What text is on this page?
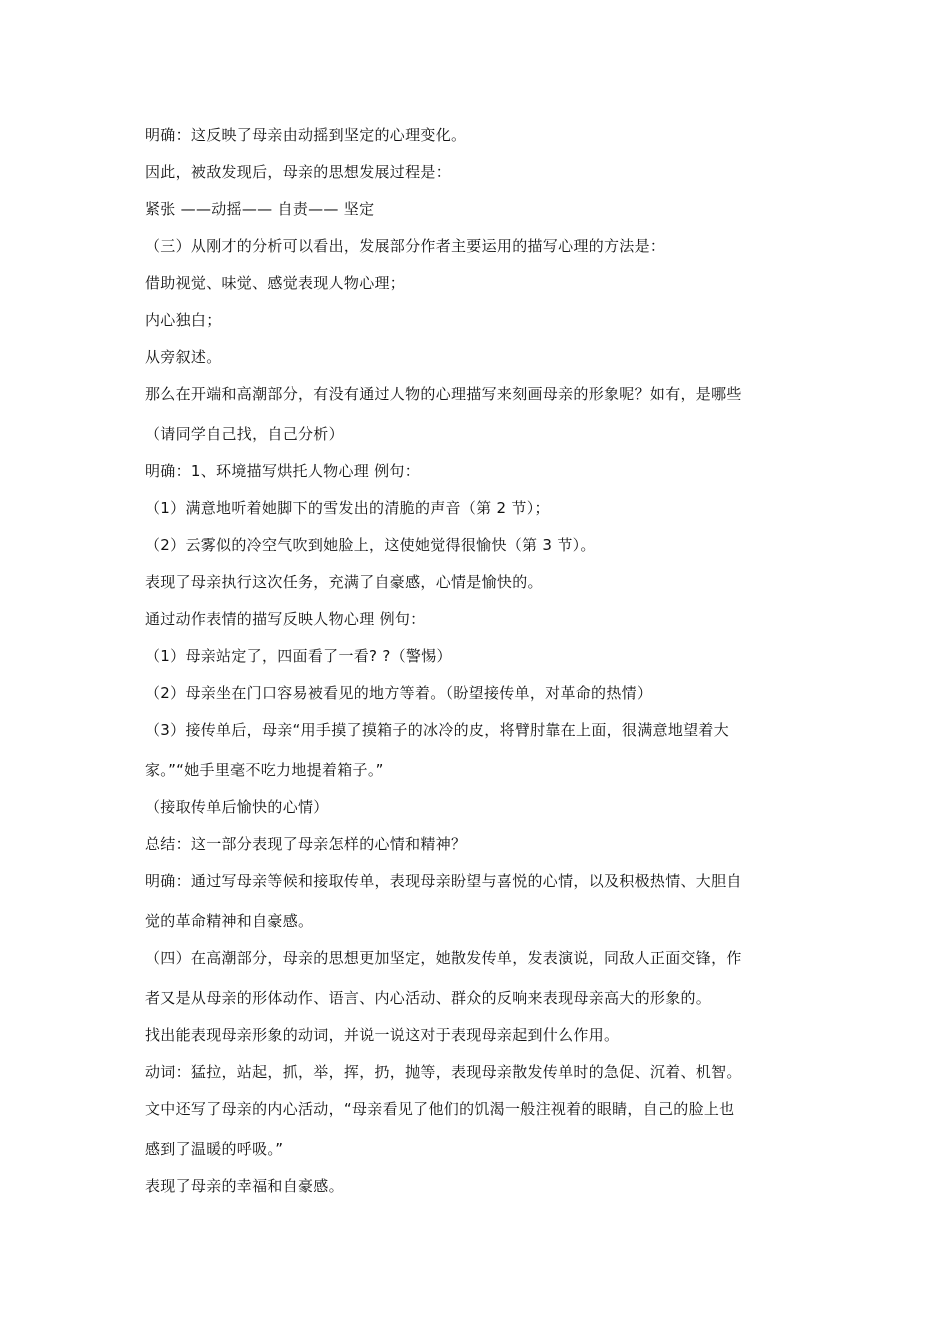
明确：这反映了母亲由动摇到坚定的心理变化。
因此，被敌发现后，母亲的思想发展过程是：
紧张 ——动摇—— 自责—— 坚定
（三）从刚才的分析可以看出，发展部分作者主要运用的描写心理的方法是：
借助视觉、味觉、感觉表现人物心理；
内心独白；
从旁叙述。
那么在开端和高潮部分，有没有通过人物的心理描写来刻画母亲的形象呢？如有，是哪些
（请同学自己找，自己分析）
明确：1、环境描写烘托人物心理 例句：
（1）满意地听着她脚下的雪发出的清脆的声音（第 2 节）；
（2）云雾似的冷空气吹到她脸上，这使她觉得很愉快（第 3 节）。
表现了母亲执行这次任务，充满了自豪感，心情是愉快的。
通过动作表情的描写反映人物心理 例句：
（1）母亲站定了，四面看了一看? ?（警惕）
（2）母亲坐在门口容易被看见的地方等着。（盼望接传单，对革命的热情）
（3）接传单后，母亲“用手摸了摸箱子的冰冷的皮，将臂肘靠在上面，很满意地望着大
家。”“她手里毫不吃力地提着箱子。”
（接取传单后愉快的心情）
总结：这一部分表现了母亲怎样的心情和精神？
明确：通过写母亲等候和接取传单，表现母亲盼望与喜悦的心情，以及积极热情、大胆自
觉的革命精神和自豪感。
（四）在高潮部分，母亲的思想更加坚定，她散发传单，发表演说，同敌人正面交锋，作
者又是从母亲的形体动作、语言、内心活动、群众的反响来表现母亲高大的形象的。
找出能表现母亲形象的动词，并说一说这对于表现母亲起到什么作用。
动词：猛拉，站起，抓，举，挥，扔，抛等，表现母亲散发传单时的急促、沉着、机智。
文中还写了母亲的内心活动，“母亲看见了他们的饥渴一般注视着的眼睛，自己的脸上也
感到了温暖的呼吸。”
表现了母亲的幸福和自豪感。
